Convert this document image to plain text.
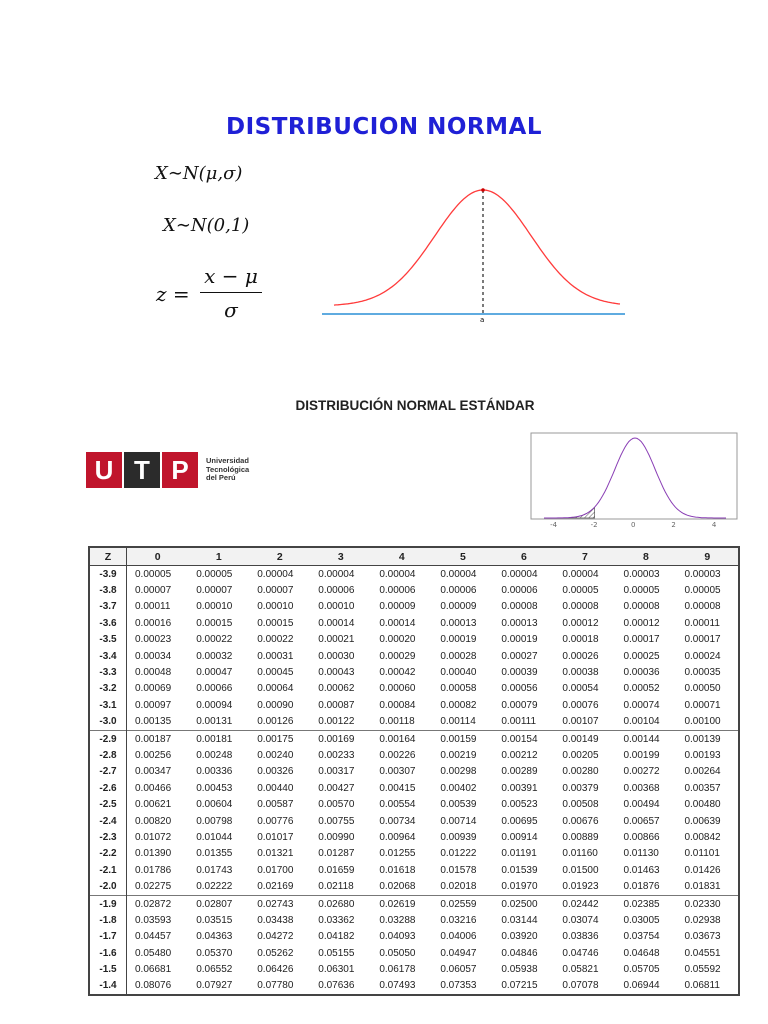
DISTRIBUCION NORMAL
X∼N(μ,σ)
X∼N(0,1)
z =
x − μ
σ	a
DISTRIBUCIÓN NORMAL ESTÁNDAR
U T P	Universidad
Tecnológica
del Perú
-4	-2	0	2	4
Z	0	1	2	3	4	5	6	7	8	9
-3.9	0.00005	0.00005	0.00004	0.00004	0.00004	0.00004	0.00004	0.00004	0.00003	0.00003
-3.8	0.00007	0.00007	0.00007	0.00006	0.00006	0.00006	0.00006	0.00005	0.00005	0.00005
-3.7	0.00011	0.00010	0.00010	0.00010	0.00009	0.00009	0.00008	0.00008	0.00008	0.00008
-3.6	0.00016	0.00015	0.00015	0.00014	0.00014	0.00013	0.00013	0.00012	0.00012	0.00011
-3.5	0.00023	0.00022	0.00022	0.00021	0.00020	0.00019	0.00019	0.00018	0.00017	0.00017
-3.4	0.00034	0.00032	0.00031	0.00030	0.00029	0.00028	0.00027	0.00026	0.00025	0.00024
-3.3	0.00048	0.00047	0.00045	0.00043	0.00042	0.00040	0.00039	0.00038	0.00036	0.00035
-3.2	0.00069	0.00066	0.00064	0.00062	0.00060	0.00058	0.00056	0.00054	0.00052	0.00050
-3.1	0.00097	0.00094	0.00090	0.00087	0.00084	0.00082	0.00079	0.00076	0.00074	0.00071
-3.0	0.00135	0.00131	0.00126	0.00122	0.00118	0.00114	0.00111	0.00107	0.00104	0.00100
-2.9	0.00187	0.00181	0.00175	0.00169	0.00164	0.00159	0.00154	0.00149	0.00144	0.00139
-2.8	0.00256	0.00248	0.00240	0.00233	0.00226	0.00219	0.00212	0.00205	0.00199	0.00193
-2.7	0.00347	0.00336	0.00326	0.00317	0.00307	0.00298	0.00289	0.00280	0.00272	0.00264
-2.6	0.00466	0.00453	0.00440	0.00427	0.00415	0.00402	0.00391	0.00379	0.00368	0.00357
-2.5	0.00621	0.00604	0.00587	0.00570	0.00554	0.00539	0.00523	0.00508	0.00494	0.00480
-2.4	0.00820	0.00798	0.00776	0.00755	0.00734	0.00714	0.00695	0.00676	0.00657	0.00639
-2.3	0.01072	0.01044	0.01017	0.00990	0.00964	0.00939	0.00914	0.00889	0.00866	0.00842
-2.2	0.01390	0.01355	0.01321	0.01287	0.01255	0.01222	0.01191	0.01160	0.01130	0.01101
-2.1	0.01786	0.01743	0.01700	0.01659	0.01618	0.01578	0.01539	0.01500	0.01463	0.01426
-2.0	0.02275	0.02222	0.02169	0.02118	0.02068	0.02018	0.01970	0.01923	0.01876	0.01831
-1.9	0.02872	0.02807	0.02743	0.02680	0.02619	0.02559	0.02500	0.02442	0.02385	0.02330
-1.8	0.03593	0.03515	0.03438	0.03362	0.03288	0.03216	0.03144	0.03074	0.03005	0.02938
-1.7	0.04457	0.04363	0.04272	0.04182	0.04093	0.04006	0.03920	0.03836	0.03754	0.03673
-1.6	0.05480	0.05370	0.05262	0.05155	0.05050	0.04947	0.04846	0.04746	0.04648	0.04551
-1.5	0.06681	0.06552	0.06426	0.06301	0.06178	0.06057	0.05938	0.05821	0.05705	0.05592
-1.4	0.08076	0.07927	0.07780	0.07636	0.07493	0.07353	0.07215	0.07078	0.06944	0.06811
